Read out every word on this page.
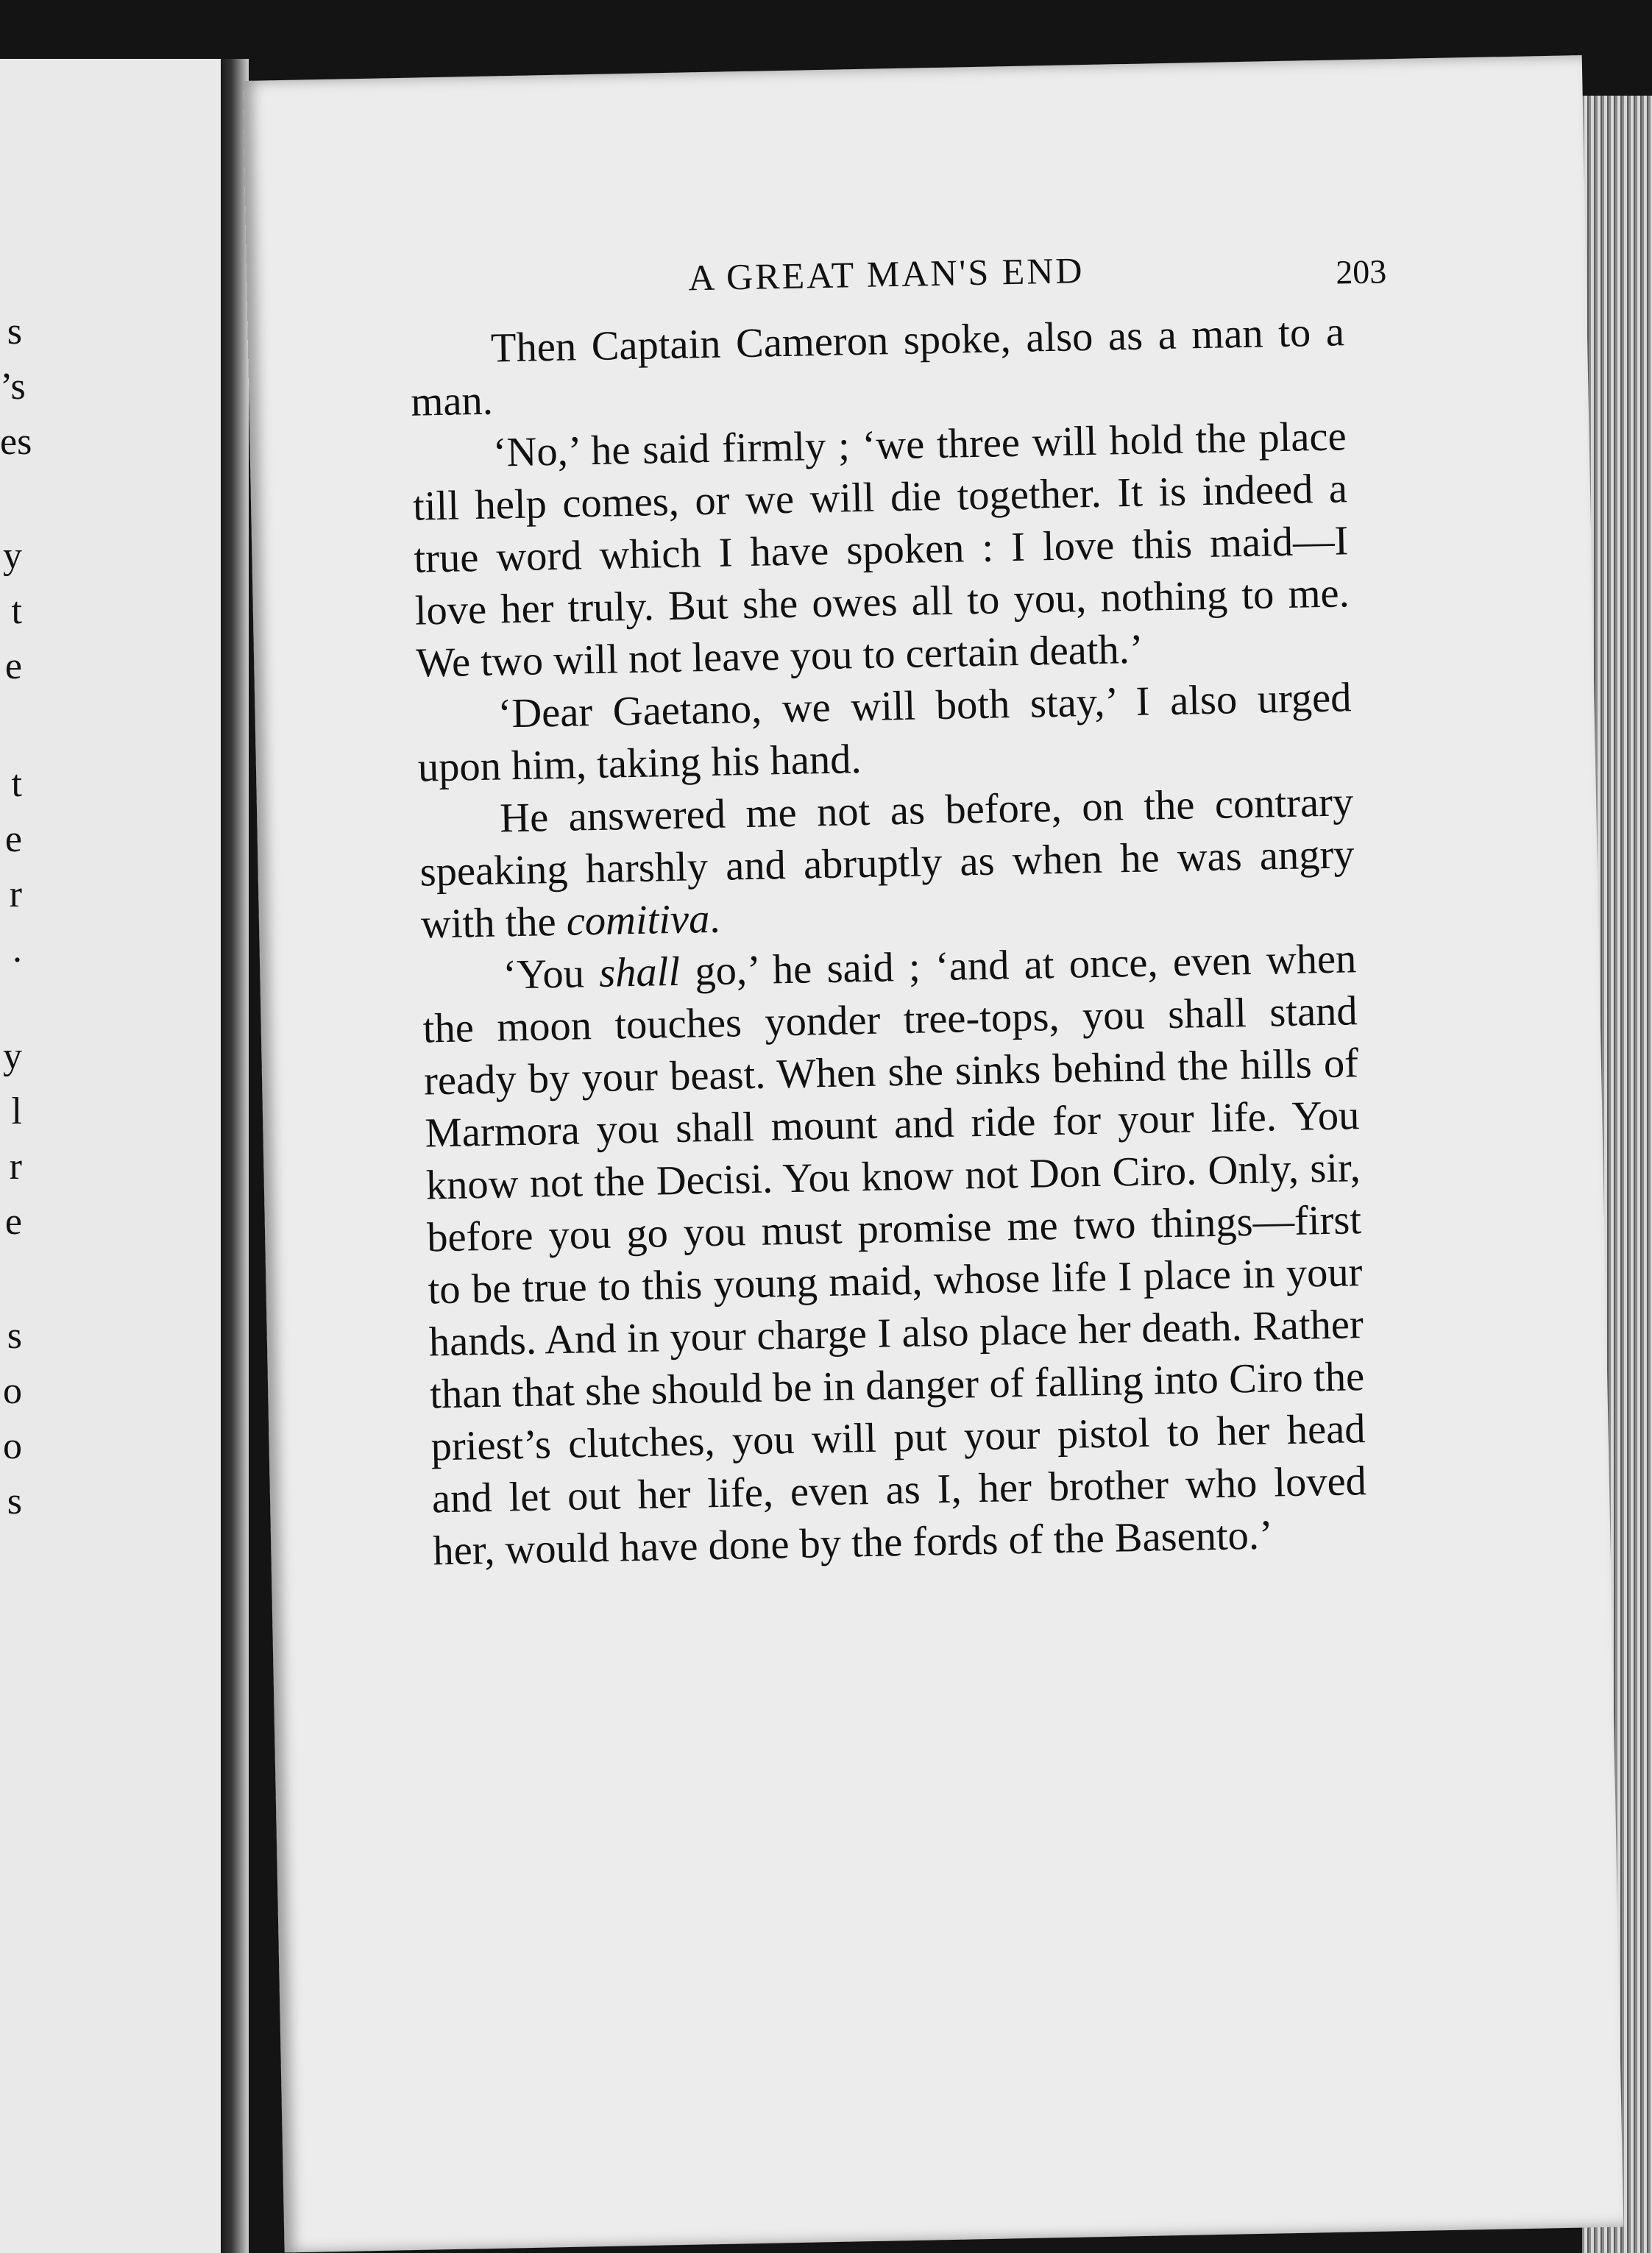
s
’s
es
y
t
e
t
e
r
.
y
l
r
e
s
o
o
s
A GREAT MAN'S END	203

Then Captain Cameron spoke, also as a man to a man.

‘No,’ he said firmly ; ‘we three will hold the place till help comes, or we will die together. It is indeed a true word which I have spoken : I love this maid—I love her truly. But she owes all to you, nothing to me. We two will not leave you to certain death.’

‘Dear Gaetano, we will both stay,’ I also urged upon him, taking his hand.

He answered me not as before, on the contrary speaking harshly and abruptly as when he was angry with the comitiva.

‘You shall go,’ he said ; ‘and at once, even when the moon touches yonder tree-tops, you shall stand ready by your beast. When she sinks behind the hills of Marmora you shall mount and ride for your life. You know not the Decisi. You know not Don Ciro. Only, sir, before you go you must promise me two things—first to be true to this young maid, whose life I place in your hands. And in your charge I also place her death. Rather than that she should be in danger of falling into Ciro the priest’s clutches, you will put your pistol to her head and let out her life, even as I, her brother who loved her, would have done by the fords of the Basento.’
